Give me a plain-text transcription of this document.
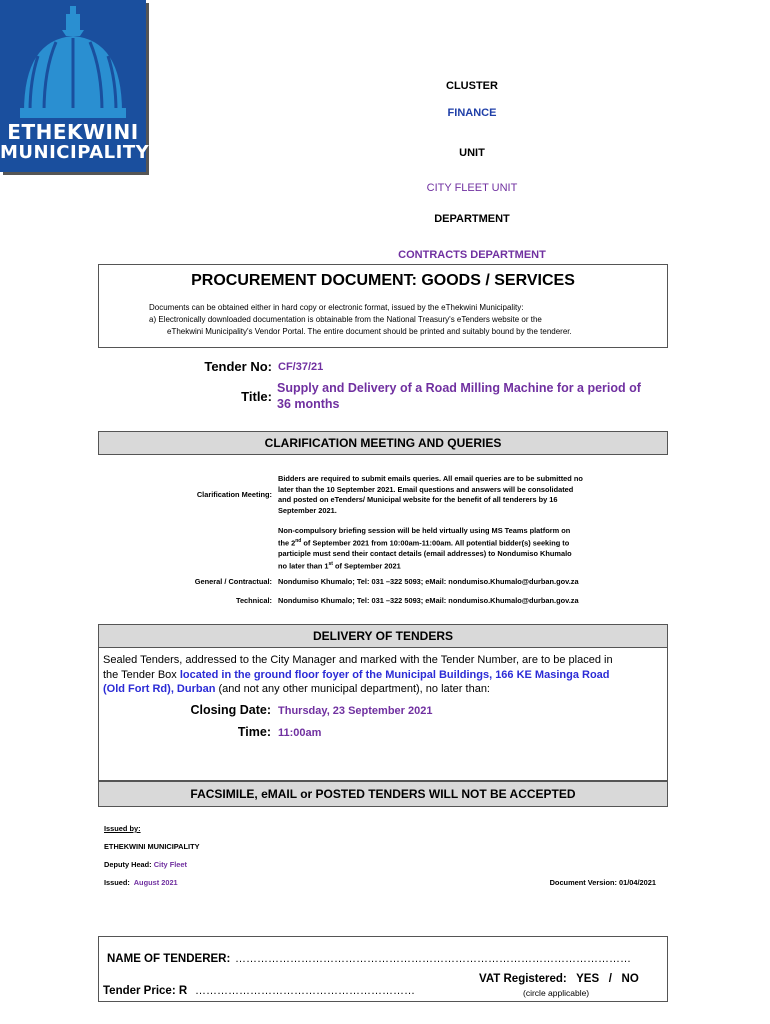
ETHEKWINI
MUNICIPALITY
CLUSTER
FINANCE
UNIT
CITY FLEET UNIT
DEPARTMENT
CONTRACTS DEPARTMENT
PROCUREMENT DOCUMENT: GOODS / SERVICES
Documents can be obtained either in hard copy or electronic format, issued by the eThekwini Municipality:
a) Electronically downloaded documentation is obtainable from the National Treasury's eTenders website or the
eThekwini Municipality's Vendor Portal. The entire document should be printed and suitably bound by the tenderer.
Tender No: CF/37/21
Title:
Supply and Delivery of a Road Milling Machine for a period of
36 months
CLARIFICATION MEETING AND QUERIES
Clarification Meeting:
Bidders are required to submit emails queries. All email queries are to be submitted no
later than the 10 September 2021. Email questions and answers will be consolidated
and posted on eTenders/ Municipal website for the benefit of all tenderers by 16
September 2021.
Non-compulsory briefing session will be held virtually using MS Teams platform on
the 2nd of September 2021 from 10:00am-11:00am. All potential bidder(s) seeking to
participle must send their contact details (email addresses) to Nondumiso Khumalo
no later than 1st of September 2021
General / Contractual: Nondumiso Khumalo; Tel: 031 –322 5093; eMail: nondumiso.Khumalo@durban.gov.za
Technical: Nondumiso Khumalo; Tel: 031 –322 5093; eMail: nondumiso.Khumalo@durban.gov.za
DELIVERY OF TENDERS
Sealed Tenders, addressed to the City Manager and marked with the Tender Number, are to be placed in
the Tender Box located in the ground floor foyer of the Municipal Buildings, 166 KE Masinga Road
(Old Fort Rd), Durban (and not any other municipal department), no later than:
Closing Date: Thursday, 23 September 2021
Time: 11:00am
FACSIMILE, eMAIL or POSTED TENDERS WILL NOT BE ACCEPTED
Issued by:
ETHEKWINI MUNICIPALITY
Deputy Head: City Fleet
Issued: August 2021	Document Version: 01/04/2021
NAME OF TENDERER: ………………………………………………………………………………………………
VAT Registered:   YES   /   NO
(circle applicable)
Tender Price: R ……………………………………………………
